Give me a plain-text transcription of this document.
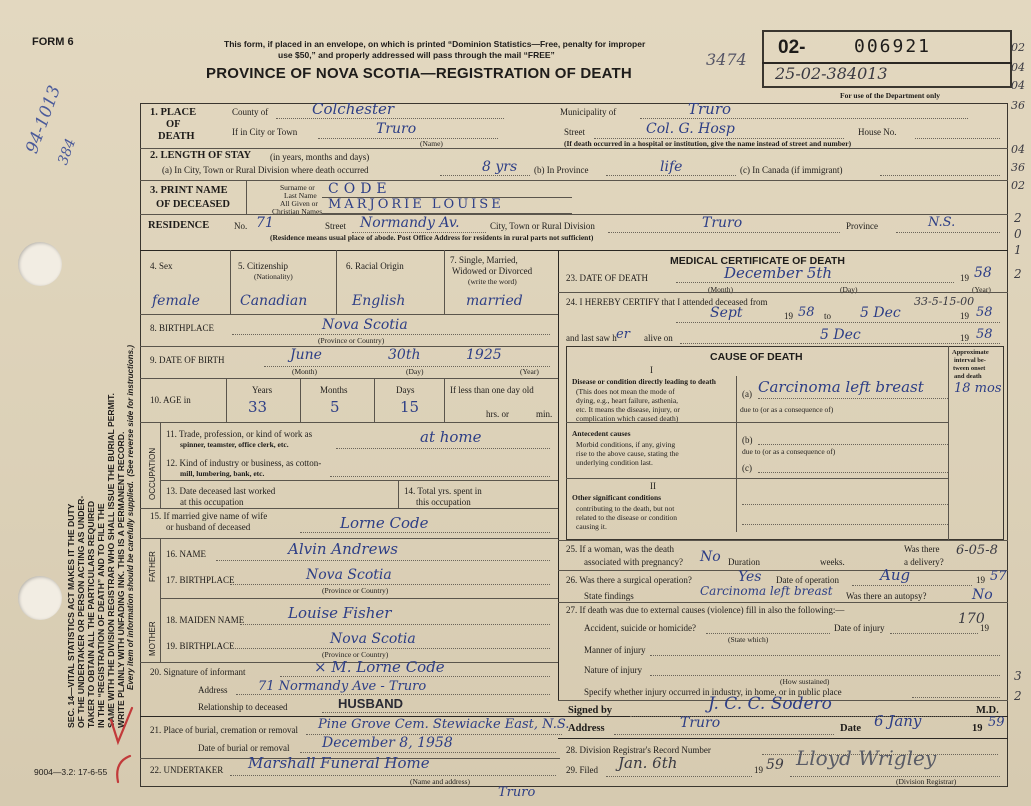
SEC. 14—VITAL STATISTICS ACT MAKES IT THE DUTY OF THE UNDERTAKER OR PERSON ACTING AS UNDER- TAKER TO OBTAIN ALL THE PARTICULARS REQUIRED IN THE “REGISTRATION OF DEATH” AND TO FILE THE SAME WITH THE DIVISION REGISTRAR WHO SHALL ISSUE THE BURIAL PERMIT. WRITE PLAINLY WITH UNFADING INK. THIS IS A PERMANENT RECORD. Every item of information should be carefully supplied.  (See reverse side for instructions.)
FORM 6
94-1013
384
This form, if placed in an envelope, on which is printed “Dominion Statistics—Free, penalty for improper
use $50,” and properly addressed will pass through the mail “FREE”
PROVINCE OF NOVA SCOTIA—REGISTRATION OF DEATH
3474
02-	006921
25-02-384013
For use of the Department only
02
04
04
36
04
36
02
2
0
1
2
3
2
1. PLACE
OF
DEATH
County of	Colchester	Municipality of	Truro
If in City or Town	Truro
(Name)
Street	Col. G. Hosp	House No.
(If death occurred in a hospital or institution, give the name instead of street and number)
2. LENGTH OF STAY (in years, months and days)
(a) In City, Town or Rural Division where death occurred	8 yrs (b) In Province	life	(c) In Canada (if immigrant)
3. PRINT NAME
OF DECEASED
Surname or
Last Name
All Given or
Christian Names
CODE
MARJORIE LOUISE
RESIDENCE	No. 71	Street Normandy Av.	City, Town or Rural Division	Truro	Province	N.S.
(Residence means usual place of abode. Post Office Address for residents in rural parts not sufficient)
4. Sex	5. Citizenship
(Nationality)
6. Racial Origin
7. Single, Married,
Widowed or Divorced
(write the word)
female	Canadian	English	married
8. BIRTHPLACE	Nova Scotia
(Province or Country)
9. DATE OF BIRTH	June	30th	1925
(Month)	(Day)	(Year)
10. AGE in
Years	Months	Days
33	5	15
If less than one day old
hrs. or	min.
OCCUPATION
11. Trade, profession, or kind of work as
spinner, teamster, office clerk, etc.	at home
12. Kind of industry or business, as cotton-
mill, lumbering, bank, etc.
13. Date deceased last worked
at this occupation
14. Total yrs. spent in
this occupation
15. If married give name of wife
or husband of deceased	Lorne Code
FATHER
MOTHER
16. NAME	Alvin Andrews
17. BIRTHPLACE	Nova Scotia
(Province or Country)
18. MAIDEN NAME	Louise Fisher
19. BIRTHPLACE	Nova Scotia
(Province or Country)
20. Signature of informant	× M. Lorne Code
Address 71 Normandy Ave - Truro
Relationship to deceased	HUSBAND
21. Place of burial, cremation or removal Pine Grove Cem. Stewiacke East, N.S.
Date of burial or removal December 8, 1958
22. UNDERTAKER Marshall Funeral Home
(Name and address)
Truro
9004—3.2: 17-6-55
MEDICAL CERTIFICATE OF DEATH
23. DATE OF DEATH	December 5th	19 58
(Month)	(Day)	(Year)
24. I HEREBY CERTIFY that I attended deceased from
Sept	19 58 to 5 Dec
33-5-15-00
19 58
and last saw h er alive on	5 Dec	19 58
CAUSE OF DEATH	Approximate
interval be-
tween onset
and death
I
Disease or condition directly leading to death
(This does not mean the mode of
dying, e.g., heart failure, asthenia,
etc. It means the disease, injury, or
complication which caused death)
(a) Carcinoma left breast 18 mos
due to (or as a consequence of)
Antecedent causes
Morbid conditions, if any, giving
rise to the above cause, stating the
underlying condition last.
(b)
due to (or as a consequence of)
(c)
II
Other significant conditions
contributing to the death, but not
related to the disease or condition
causing it.
25. If a woman, was the death
associated with pregnancy? No Duration	weeks.
Was there
a delivery?
6-05-8
26. Was there a surgical operation?	Yes Date of operation	Aug	19 57
State findings	Carcinoma left breast Was there an autopsy?	No
27. If death was due to external causes (violence) fill in also the following:—
Accident, suicide or homicide?	Date of injury	19
170
(State which)
Manner of injury
Nature of injury
(How sustained)
Specify whether injury occurred in industry, in home, or in public place
Signed by	J. C. C. Sodero	M.D.
Address	Truro	Date 6 Jany	19 59
28. Division Registrar's Record Number
29. Filed Jan. 6th	19 59 Lloyd Wrigley
(Division Registrar)
